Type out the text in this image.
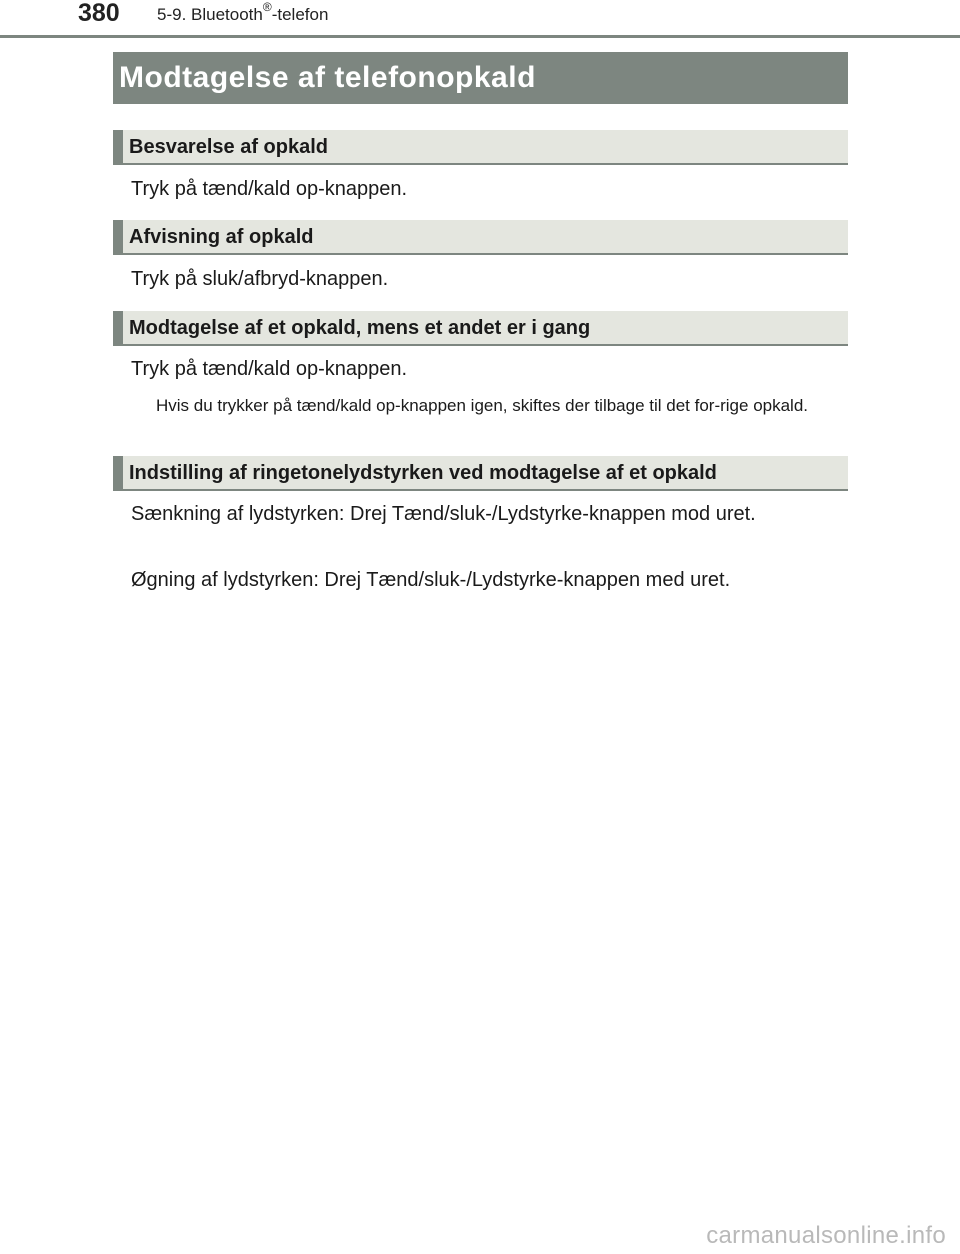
380 5-9. Bluetooth®-telefon
Modtagelse af telefonopkald
Besvarelse af opkald
Tryk på tænd/kald op-knappen.
Afvisning af opkald
Tryk på sluk/afbryd-knappen.
Modtagelse af et opkald, mens et andet er i gang
Tryk på tænd/kald op-knappen.
Hvis du trykker på tænd/kald op-knappen igen, skiftes der tilbage til det for-rige opkald.
Indstilling af ringetonelydstyrken ved modtagelse af et opkald
Sænkning af lydstyrken: Drej Tænd/sluk-/Lydstyrke-knappen mod uret.
Øgning af lydstyrken: Drej Tænd/sluk-/Lydstyrke-knappen med uret.
carmanualsonline.info
